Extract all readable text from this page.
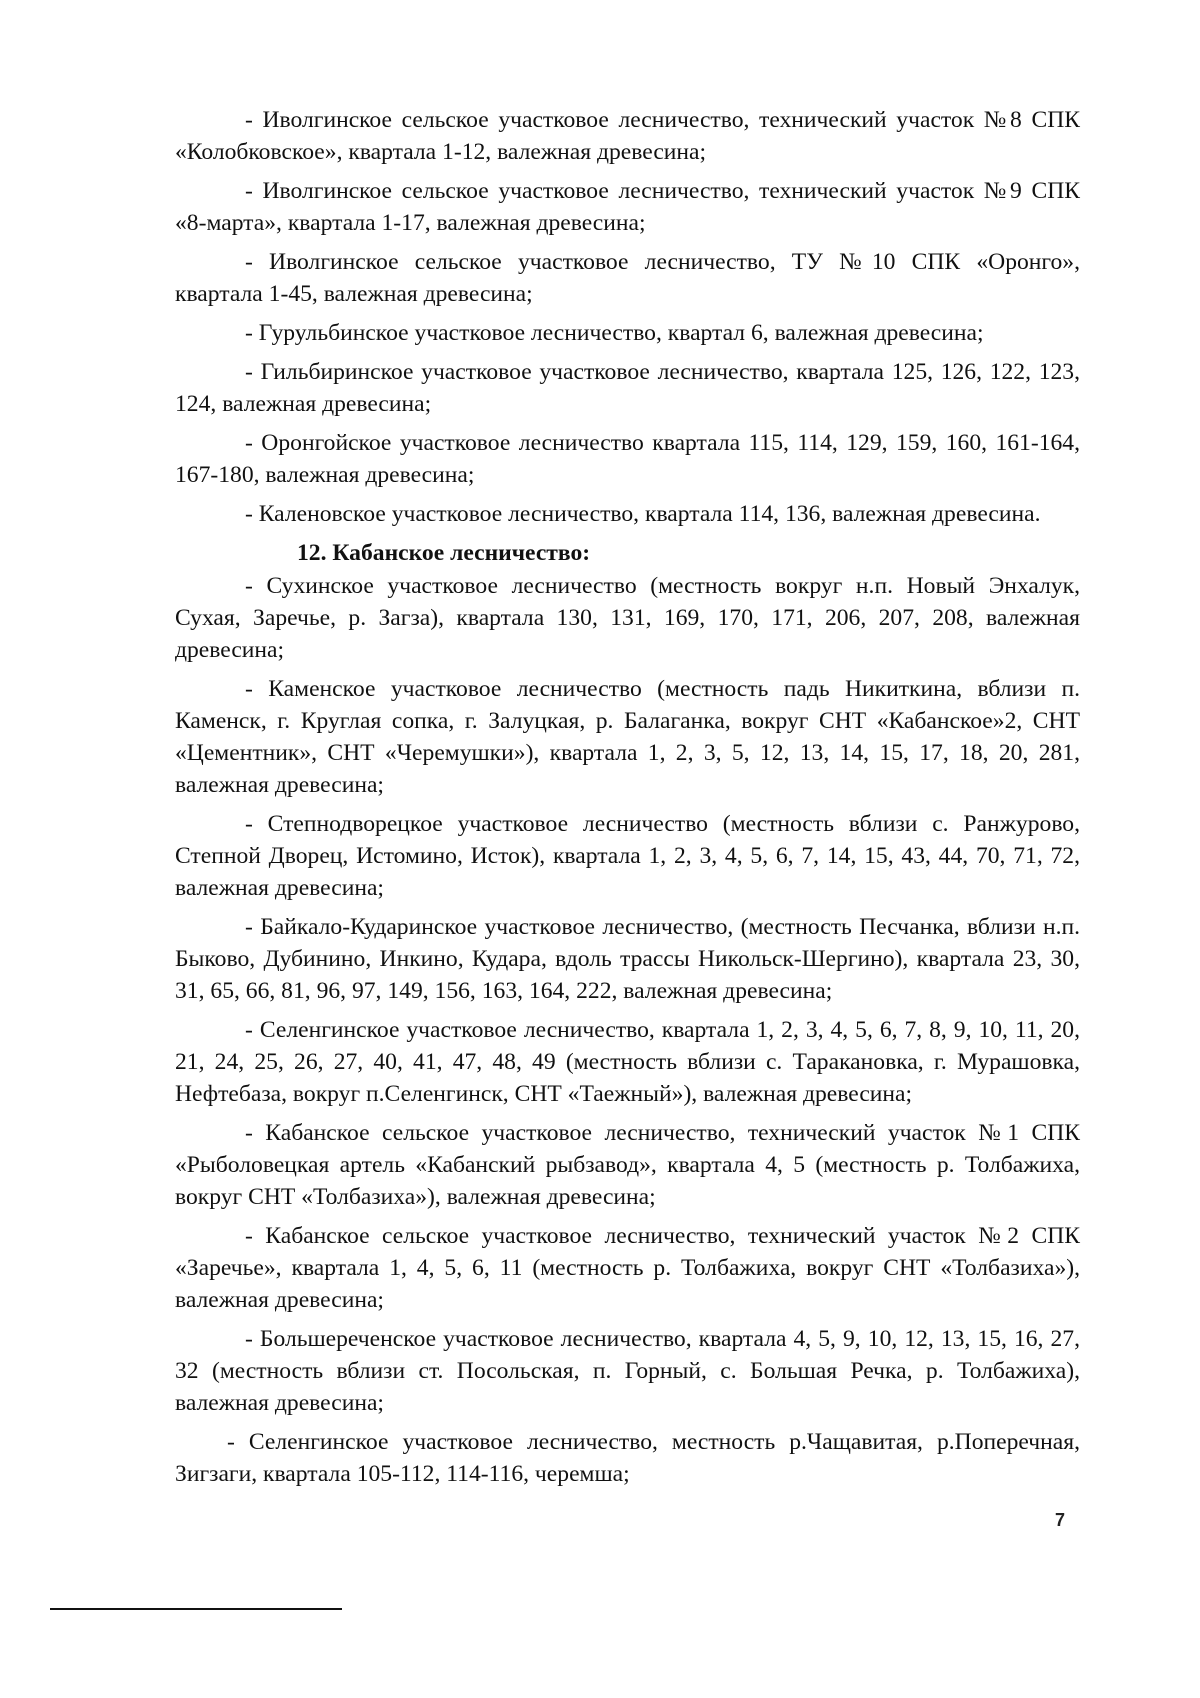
- Иволгинское сельское участковое лесничество, технический участок №8 СПК «Колобковское», квартала 1-12, валежная древесина;

- Иволгинское сельское участковое лесничество, технический участок №9 СПК «8-марта», квартала 1-17, валежная древесина;

- Иволгинское сельское участковое лесничество, ТУ №10 СПК «Оронго», квартала 1-45, валежная древесина;

- Гурульбинское участковое лесничество, квартал 6, валежная древесина;

- Гильбиринское участковое участковое лесничество, квартала 125, 126, 122, 123, 124, валежная древесина;

- Оронгойское участковое лесничество квартала 115, 114, 129, 159, 160, 161-164, 167-180, валежная древесина;

- Каленовское участковое лесничество, квартала 114, 136, валежная древесина.

12. Кабанское лесничество:

- Сухинское участковое лесничество (местность вокруг н.п. Новый Энхалук, Сухая, Заречье, р. Загза), квартала 130, 131, 169, 170, 171, 206, 207, 208, валежная древесина;

- Каменское участковое лесничество (местность падь Никиткина, вблизи п. Каменск, г. Круглая сопка, г. Залуцкая, р. Балаганка, вокруг СНТ «Кабанское»2, СНТ «Цементник», СНТ «Черемушки»), квартала 1, 2, 3, 5, 12, 13, 14, 15, 17, 18, 20, 281, валежная древесина;

- Степнодворецкое участковое лесничество (местность вблизи с. Ранжурово, Степной Дворец, Истомино, Исток), квартала 1, 2, 3, 4, 5, 6, 7, 14, 15, 43, 44, 70, 71, 72, валежная древесина;

- Байкало-Кударинское участковое лесничество, (местность Песчанка, вблизи н.п. Быково, Дубинино, Инкино, Кудара, вдоль трассы Никольск-Шергино), квартала 23, 30, 31, 65, 66, 81, 96, 97, 149, 156, 163, 164, 222, валежная древесина;

- Селенгинское участковое лесничество, квартала 1, 2, 3, 4, 5, 6, 7, 8, 9, 10, 11, 20, 21, 24, 25, 26, 27, 40, 41, 47, 48, 49 (местность вблизи с. Таракановка, г. Мурашовка, Нефтебаза, вокруг п.Селенгинск, СНТ «Таежный»), валежная древесина;

- Кабанское сельское участковое лесничество, технический участок №1 СПК «Рыболовецкая артель «Кабанский рыбзавод», квартала 4, 5 (местность р. Толбажиха, вокруг СНТ «Толбазиха»), валежная древесина;

- Кабанское сельское участковое лесничество, технический участок №2 СПК «Заречье», квартала 1, 4, 5, 6, 11 (местность р. Толбажиха, вокруг СНТ «Толбазиха»), валежная древесина;

- Большереченское участковое лесничество, квартала 4, 5, 9, 10, 12, 13, 15, 16, 27, 32 (местность вблизи ст. Посольская, п. Горный, с. Большая Речка, р. Толбажиха), валежная древесина;

- Селенгинское участковое лесничество, местность р.Чащавитая, р.Поперечная, Зигзаги, квартала 105-112, 114-116, черемша;

7
